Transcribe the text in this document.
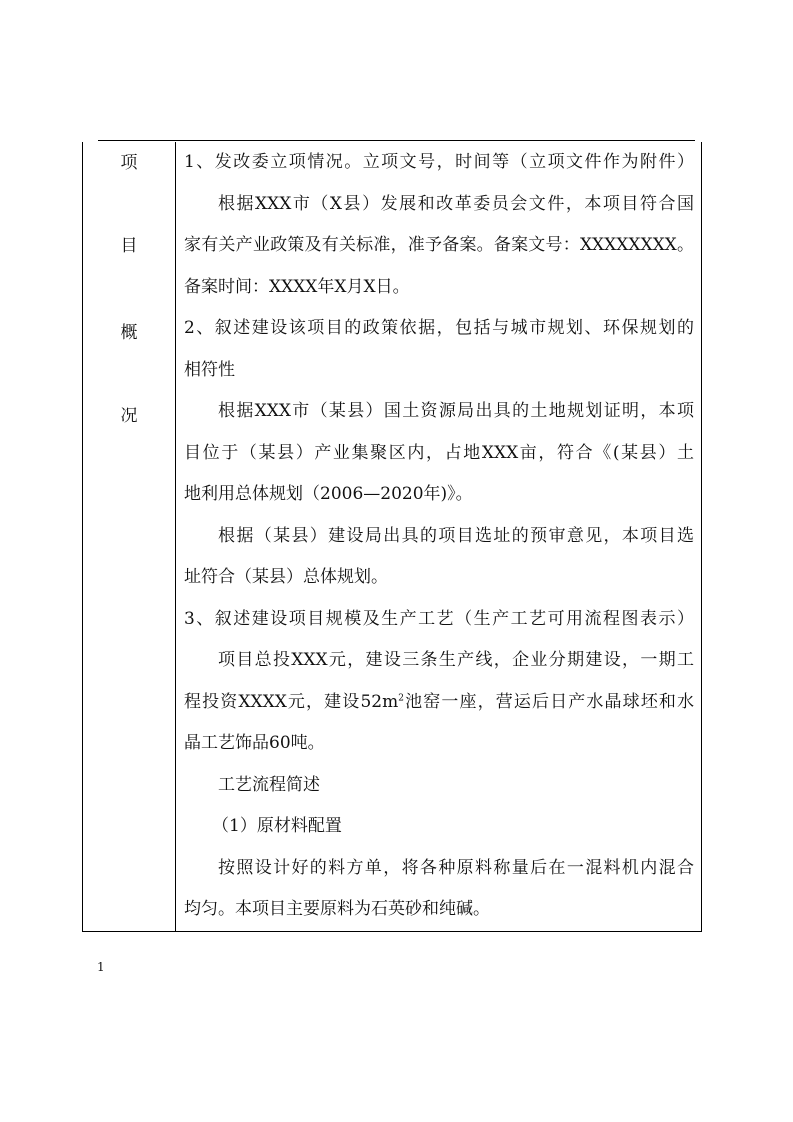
项
目
概
况
1、发改委立项情况。立项文号，时间等（立项文件作为附件）
根据XXX市（X县）发展和改革委员会文件，本项目符合国
家有关产业政策及有关标准，准予备案。备案文号：XXXXXXXX。
备案时间：XXXX年X月X日。
2、叙述建设该项目的政策依据，包括与城市规划、环保规划的
相符性
根据XXX市（某县）国土资源局出具的土地规划证明，本项
目位于（某县）产业集聚区内，占地XXX亩，符合《(某县）土
地利用总体规划（2006—2020年)》。
根据（某县）建设局出具的项目选址的预审意见，本项目选
址符合（某县）总体规划。
3、叙述建设项目规模及生产工艺（生产工艺可用流程图表示）
项目总投XXX元，建设三条生产线，企业分期建设，一期工
程投资XXXX元，建设$52m^2$池窑一座，营运后日产水晶球坯和水
晶工艺饰品60吨。
工艺流程简述
（1）原材料配置
按照设计好的料方单，将各种原料称量后在一混料机内混合
均匀。本项目主要原料为石英砂和纯碱。
1
